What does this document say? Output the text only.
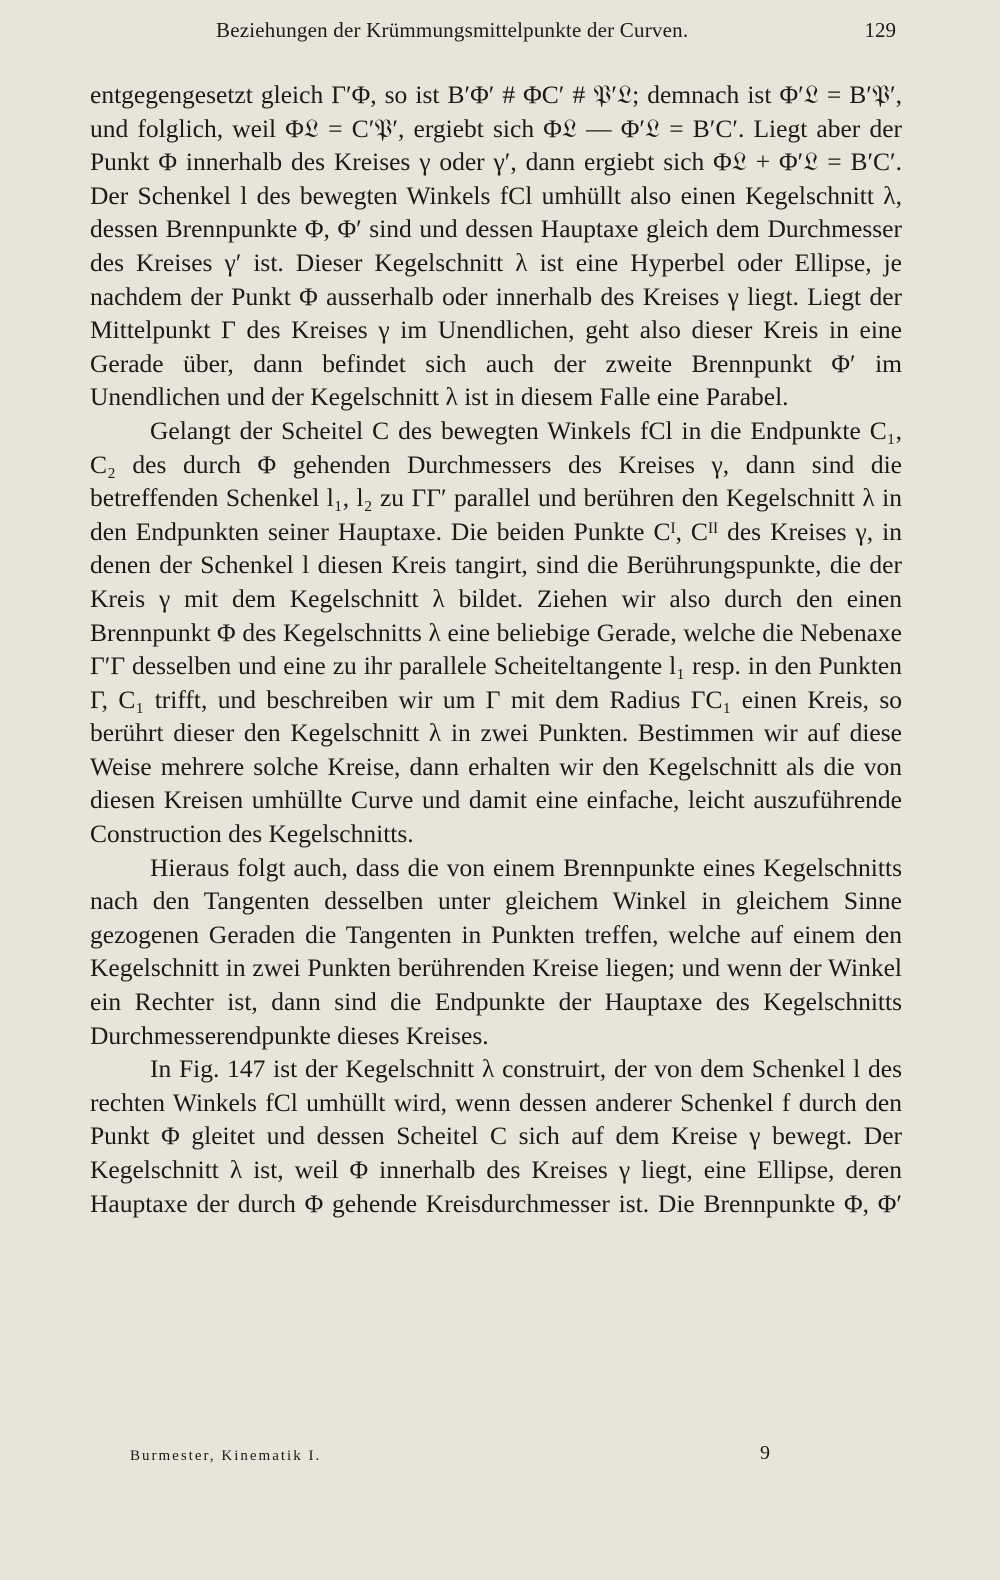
Beziehungen der Krümmungsmittelpunkte der Curven.	129

entgegengesetzt gleich Γ′Φ, so ist B′Φ′ # ΦC′ # 𝔓′𝔏; demnach ist Φ′𝔏 = B′𝔓′, und folglich, weil Φ𝔏 = C′𝔓′, ergiebt sich Φ𝔏 — Φ′𝔏 = B′C′. Liegt aber der Punkt Φ innerhalb des Kreises γ oder γ′, dann ergiebt sich Φ𝔏 + Φ′𝔏 = B′C′. Der Schenkel l des bewegten Winkels fCl umhüllt also einen Kegelschnitt λ, dessen Brennpunkte Φ, Φ′ sind und dessen Hauptaxe gleich dem Durchmesser des Kreises γ′ ist. Dieser Kegelschnitt λ ist eine Hyperbel oder Ellipse, je nachdem der Punkt Φ ausserhalb oder innerhalb des Kreises γ liegt. Liegt der Mittelpunkt Γ des Kreises γ im Unendlichen, geht also dieser Kreis in eine Gerade über, dann befindet sich auch der zweite Brennpunkt Φ′ im Unendlichen und der Kegelschnitt λ ist in diesem Falle eine Parabel.

Gelangt der Scheitel C des bewegten Winkels fCl in die Endpunkte C₁, C₂ des durch Φ gehenden Durchmessers des Kreises γ, dann sind die betreffenden Schenkel l₁, l₂ zu ΓΓ′ parallel und berühren den Kegelschnitt λ in den Endpunkten seiner Hauptaxe. Die beiden Punkte Cᴵ, Cᴵᴵ des Kreises γ, in denen der Schenkel l diesen Kreis tangirt, sind die Berührungspunkte, die der Kreis γ mit dem Kegelschnitt λ bildet. Ziehen wir also durch den einen Brennpunkt Φ des Kegelschnitts λ eine beliebige Gerade, welche die Nebenaxe Γ′Γ desselben und eine zu ihr parallele Scheiteltangente l₁ resp. in den Punkten Γ, C₁ trifft, und beschreiben wir um Γ mit dem Radius ΓC₁ einen Kreis, so berührt dieser den Kegelschnitt λ in zwei Punkten. Bestimmen wir auf diese Weise mehrere solche Kreise, dann erhalten wir den Kegelschnitt als die von diesen Kreisen umhüllte Curve und damit eine einfache, leicht auszuführende Construction des Kegelschnitts.

Hieraus folgt auch, dass die von einem Brennpunkte eines Kegelschnitts nach den Tangenten desselben unter gleichem Winkel in gleichem Sinne gezogenen Geraden die Tangenten in Punkten treffen, welche auf einem den Kegelschnitt in zwei Punkten berührenden Kreise liegen; und wenn der Winkel ein Rechter ist, dann sind die Endpunkte der Hauptaxe des Kegelschnitts Durchmesserendpunkte dieses Kreises.

In Fig. 147 ist der Kegelschnitt λ construirt, der von dem Schenkel l des rechten Winkels fCl umhüllt wird, wenn dessen anderer Schenkel f durch den Punkt Φ gleitet und dessen Scheitel C sich auf dem Kreise γ bewegt. Der Kegelschnitt λ ist, weil Φ innerhalb des Kreises γ liegt, eine Ellipse, deren Hauptaxe der durch Φ gehende Kreisdurchmesser ist. Die Brennpunkte Φ, Φ′

Burmester, Kinematik I.	9
